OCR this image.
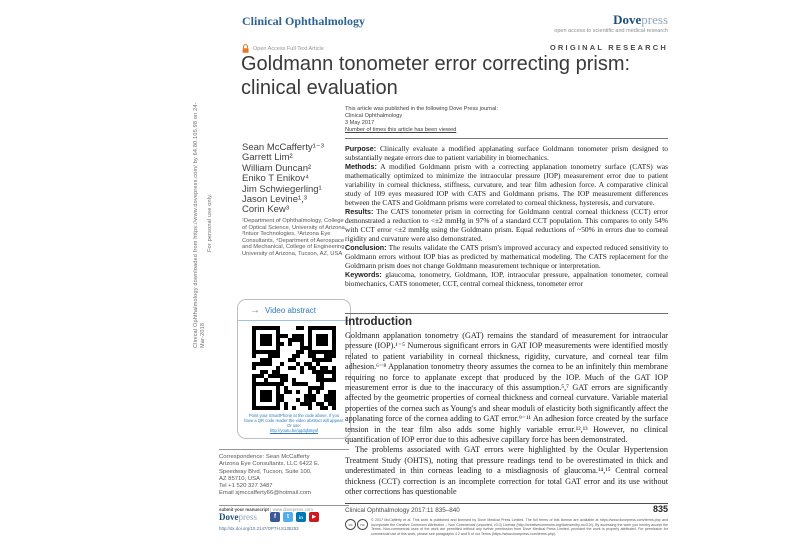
Clinical Ophthalmology downloaded from https://www.dovepress.com/ by 64.80.105.98 on 24-Mar-2018
For personal use only.
Clinical Ophthalmology	Dovepress
open access to scientific and medical research
Open Access Full Text Article	ORIGINAL RESEARCH
Goldmann tonometer error correcting prism: clinical evaluation
This article was published in the following Dove Press journal:
Clinical Ophthalmology
3 May 2017
Number of times this article has been viewed
Sean McCafferty¹⁻³
Garrett Lim²
William Duncan²
Eniko T Enikov⁴
Jim Schwiegerling¹
Jason Levine¹,³
Corin Kew³
¹Department of Ophthalmology, College of Optical Science, University of Arizona, ²Intuor Technologies, ³Arizona Eye Consultants, ⁴Department of Aerospace and Mechanical, College of Engineering, University of Arizona, Tucson, AZ, USA
→ Video abstract
Point your SmartPhone at the code above. If you have a QR code reader the video abstract will appear. Or use:
http://youtu.be/qqdqfa5ysf
Correspondence: Sean McCafferty
Arizona Eye Consultants, LLC 6422 E.
Speedway Blvd, Tucson, Suite 100,
AZ 85710, USA
Tel +1 520 327 3487
Email sjmccafferty66@hotmail.com
submit your manuscript | www.dovepress.com
Dovepress	f	t	in	▶
http://dx.doi.org/10.2147/OPTH.S135253

Purpose: Clinically evaluate a modified applanating surface Goldmann tonometer prism designed to substantially negate errors due to patient variability in biomechanics.

Methods: A modified Goldmann prism with a correcting applanation tonometry surface (CATS) was mathematically optimized to minimize the intraocular pressure (IOP) measurement error due to patient variability in corneal thickness, stiffness, curvature, and tear film adhesion force. A comparative clinical study of 109 eyes measured IOP with CATS and Goldmann prisms. The IOP measurement differences between the CATS and Goldmann prisms were correlated to corneal thickness, hysteresis, and curvature.

Results: The CATS tonometer prism in correcting for Goldmann central corneal thickness (CCT) error demonstrated a reduction to <±2 mmHg in 97% of a standard CCT population. This compares to only 54% with CCT error <±2 mmHg using the Goldmann prism. Equal reductions of ~50% in errors due to corneal rigidity and curvature were also demonstrated.

Conclusion: The results validate the CATS prism's improved accuracy and expected reduced sensitivity to Goldmann errors without IOP bias as predicted by mathematical modeling. The CATS replacement for the Goldmann prism does not change Goldmann measurement technique or interpretation.

Keywords: glaucoma, tonometry, Goldmann, IOP, intraocular pressure, appalnation tonometer, corneal biomechanics, CATS tonometer, CCT, central corneal thickness, tonometer error

Introduction

Goldmann applanation tonometry (GAT) remains the standard of measurement for intraocular pressure (IOP).¹⁻⁵ Numerous significant errors in GAT IOP measurements were identified mostly related to patient variability in corneal thickness, rigidity, curvature, and corneal tear film adhesion.⁶⁻⁸ Applanation tonometry theory assumes the cornea to be an infinitely thin membrane requiring no force to applanate except that produced by the IOP. Much of the GAT IOP measurement error is due to the inaccuracy of this assumption.⁵,⁷ GAT errors are significantly affected by the geometric properties of corneal thickness and corneal curvature. Variable material properties of the cornea such as Young's and shear moduli of elasticity both significantly affect the applanating force of the cornea adding to GAT error.⁹⁻¹¹ An adhesion force created by the surface tension in the tear film also adds some highly variable error.¹²,¹³ However, no clinical quantification of IOP error due to this adhesive capillary force has been demonstrated.

The problems associated with GAT errors were highlighted by the Ocular Hypertension Treatment Study (OHTS), noting that pressure readings tend to be overestimated in thick and underestimated in thin corneas leading to a misdiagnosis of glaucoma.¹⁴,¹⁵ Central corneal thickness (CCT) correction is an incomplete correction for total GAT error and its use without other corrections has questionable

Clinical Ophthalmology 2017:11 835–840	835
cc	nc
© 2017 McCafferty et al. This work is published and licensed by Dove Medical Press Limited. The full terms of this license are available at https://www.dovepress.com/terms.php and incorporate the Creative Commons Attribution – Non Commercial (unported, v3.0) License (http://creativecommons.org/licenses/by-nc/3.0/). By accessing the work you hereby accept the Terms. Non-commercial uses of the work are permitted without any further permission from Dove Medical Press Limited, provided the work is properly attributed. For permission for commercial use of this work, please see paragraphs 4.2 and 5 of our Terms (https://www.dovepress.com/terms.php).
